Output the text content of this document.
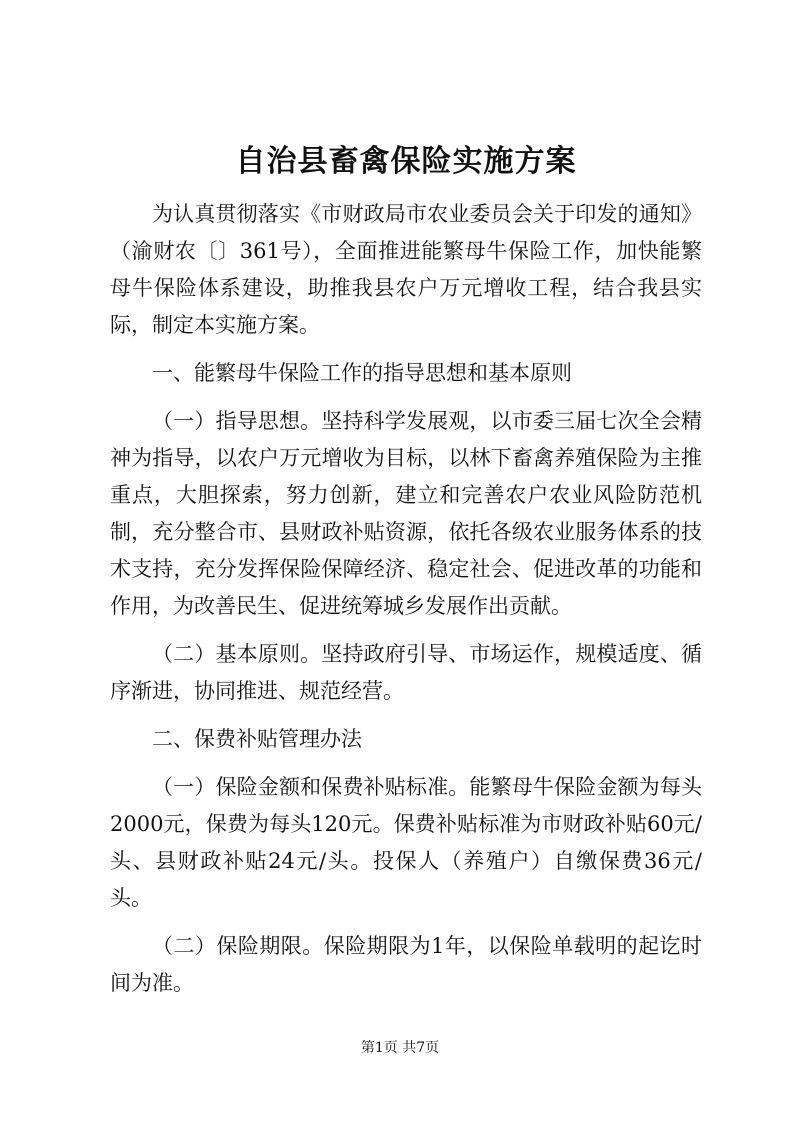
自治县畜禽保险实施方案

为认真贯彻落实《市财政局市农业委员会关于印发的通知》（渝财农〔〕361号），全面推进能繁母牛保险工作，加快能繁母牛保险体系建设，助推我县农户万元增收工程，结合我县实际，制定本实施方案。

一、能繁母牛保险工作的指导思想和基本原则

（一）指导思想。坚持科学发展观，以市委三届七次全会精神为指导，以农户万元增收为目标，以林下畜禽养殖保险为主推重点，大胆探索，努力创新，建立和完善农户农业风险防范机制，充分整合市、县财政补贴资源，依托各级农业服务体系的技术支持，充分发挥保险保障经济、稳定社会、促进改革的功能和作用，为改善民生、促进统筹城乡发展作出贡献。

（二）基本原则。坚持政府引导、市场运作，规模适度、循序渐进，协同推进、规范经营。

二、保费补贴管理办法

（一）保险金额和保费补贴标准。能繁母牛保险金额为每头2000元，保费为每头120元。保费补贴标准为市财政补贴60元/头、县财政补贴24元/头。投保人（养殖户）自缴保费36元/头。

（二）保险期限。保险期限为1年，以保险单载明的起讫时间为准。

第1页 共7页
